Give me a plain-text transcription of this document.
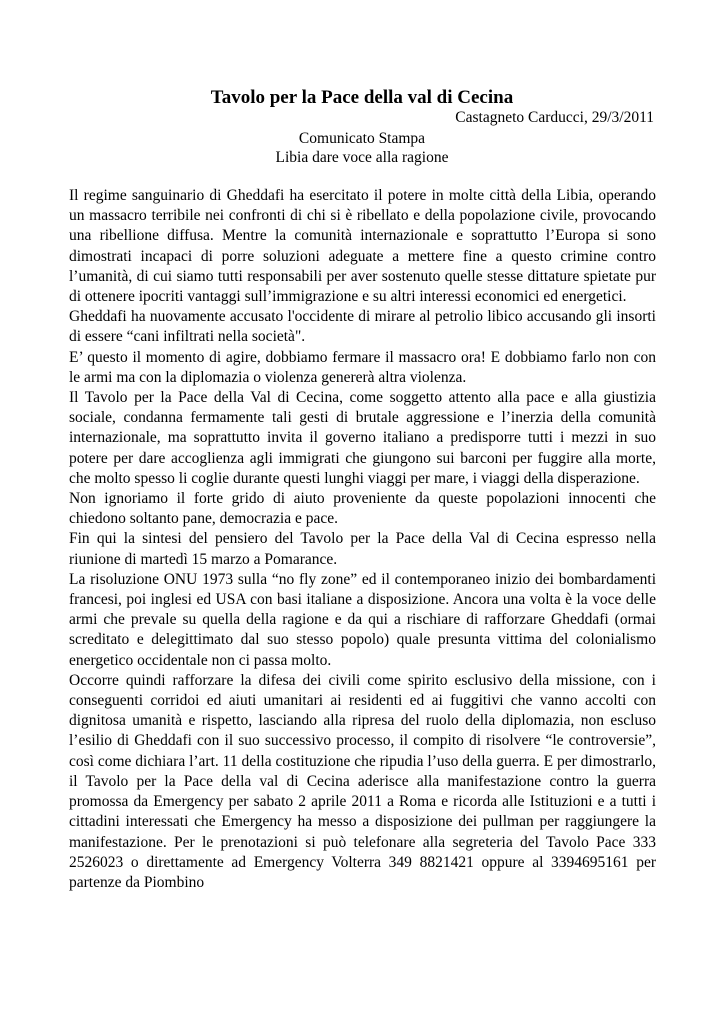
Tavolo per la Pace della val di Cecina
Castagneto Carducci, 29/3/2011
Comunicato Stampa
Libia dare voce alla ragione

Il regime sanguinario di Gheddafi ha esercitato il potere in molte città della Libia, operando un massacro terribile nei confronti di chi si è ribellato e della popolazione civile, provocando una ribellione diffusa. Mentre la comunità internazionale e soprattutto l’Europa si sono dimostrati incapaci di porre soluzioni adeguate a mettere fine a questo crimine contro l’umanità, di cui siamo tutti responsabili per aver sostenuto quelle stesse dittature spietate pur di ottenere ipocriti vantaggi sull’immigrazione e su altri interessi economici ed energetici.

Gheddafi ha nuovamente accusato l'occidente di mirare al petrolio libico accusando gli insorti di essere “cani infiltrati nella società".

E’ questo il momento di agire, dobbiamo fermare il massacro ora! E dobbiamo farlo non con le armi ma con la diplomazia o violenza genererà altra violenza.

Il Tavolo per la Pace della Val di Cecina, come soggetto attento alla pace e alla giustizia sociale, condanna fermamente tali gesti di brutale aggressione e l’inerzia della comunità internazionale, ma soprattutto invita il governo italiano a predisporre tutti i mezzi in suo potere per dare accoglienza agli immigrati che giungono sui barconi per fuggire alla morte, che molto spesso li coglie durante questi lunghi viaggi per mare, i viaggi della disperazione.

Non ignoriamo il forte grido di aiuto proveniente da queste popolazioni innocenti che chiedono soltanto pane, democrazia e pace.

Fin qui la sintesi del pensiero del Tavolo per la Pace della Val di Cecina espresso nella riunione di martedì 15 marzo a Pomarance.

La risoluzione ONU 1973 sulla “no fly zone” ed il contemporaneo inizio dei bombardamenti francesi, poi inglesi ed USA con basi italiane a disposizione. Ancora una volta è la voce delle armi che prevale su quella della ragione e da qui a rischiare di rafforzare Gheddafi (ormai screditato e delegittimato dal suo stesso popolo) quale presunta vittima del colonialismo energetico occidentale non ci passa molto.

Occorre quindi rafforzare la difesa dei civili come spirito esclusivo della missione, con i conseguenti corridoi ed aiuti umanitari ai residenti ed ai fuggitivi che vanno accolti con dignitosa umanità e rispetto, lasciando alla ripresa del ruolo della diplomazia, non escluso l’esilio di Gheddafi con il suo successivo processo, il compito di risolvere “le controversie”, così come dichiara l’art. 11 della costituzione che ripudia l’uso della guerra. E per dimostrarlo, il Tavolo per la Pace della val di Cecina aderisce alla manifestazione contro la guerra promossa da Emergency per sabato 2 aprile 2011 a Roma e ricorda alle Istituzioni e a tutti i cittadini interessati che Emergency ha messo a disposizione dei pullman per raggiungere la manifestazione. Per le prenotazioni si può telefonare alla segreteria del Tavolo Pace 333 2526023 o direttamente ad Emergency Volterra 349 8821421 oppure al 3394695161 per partenze da Piombino
